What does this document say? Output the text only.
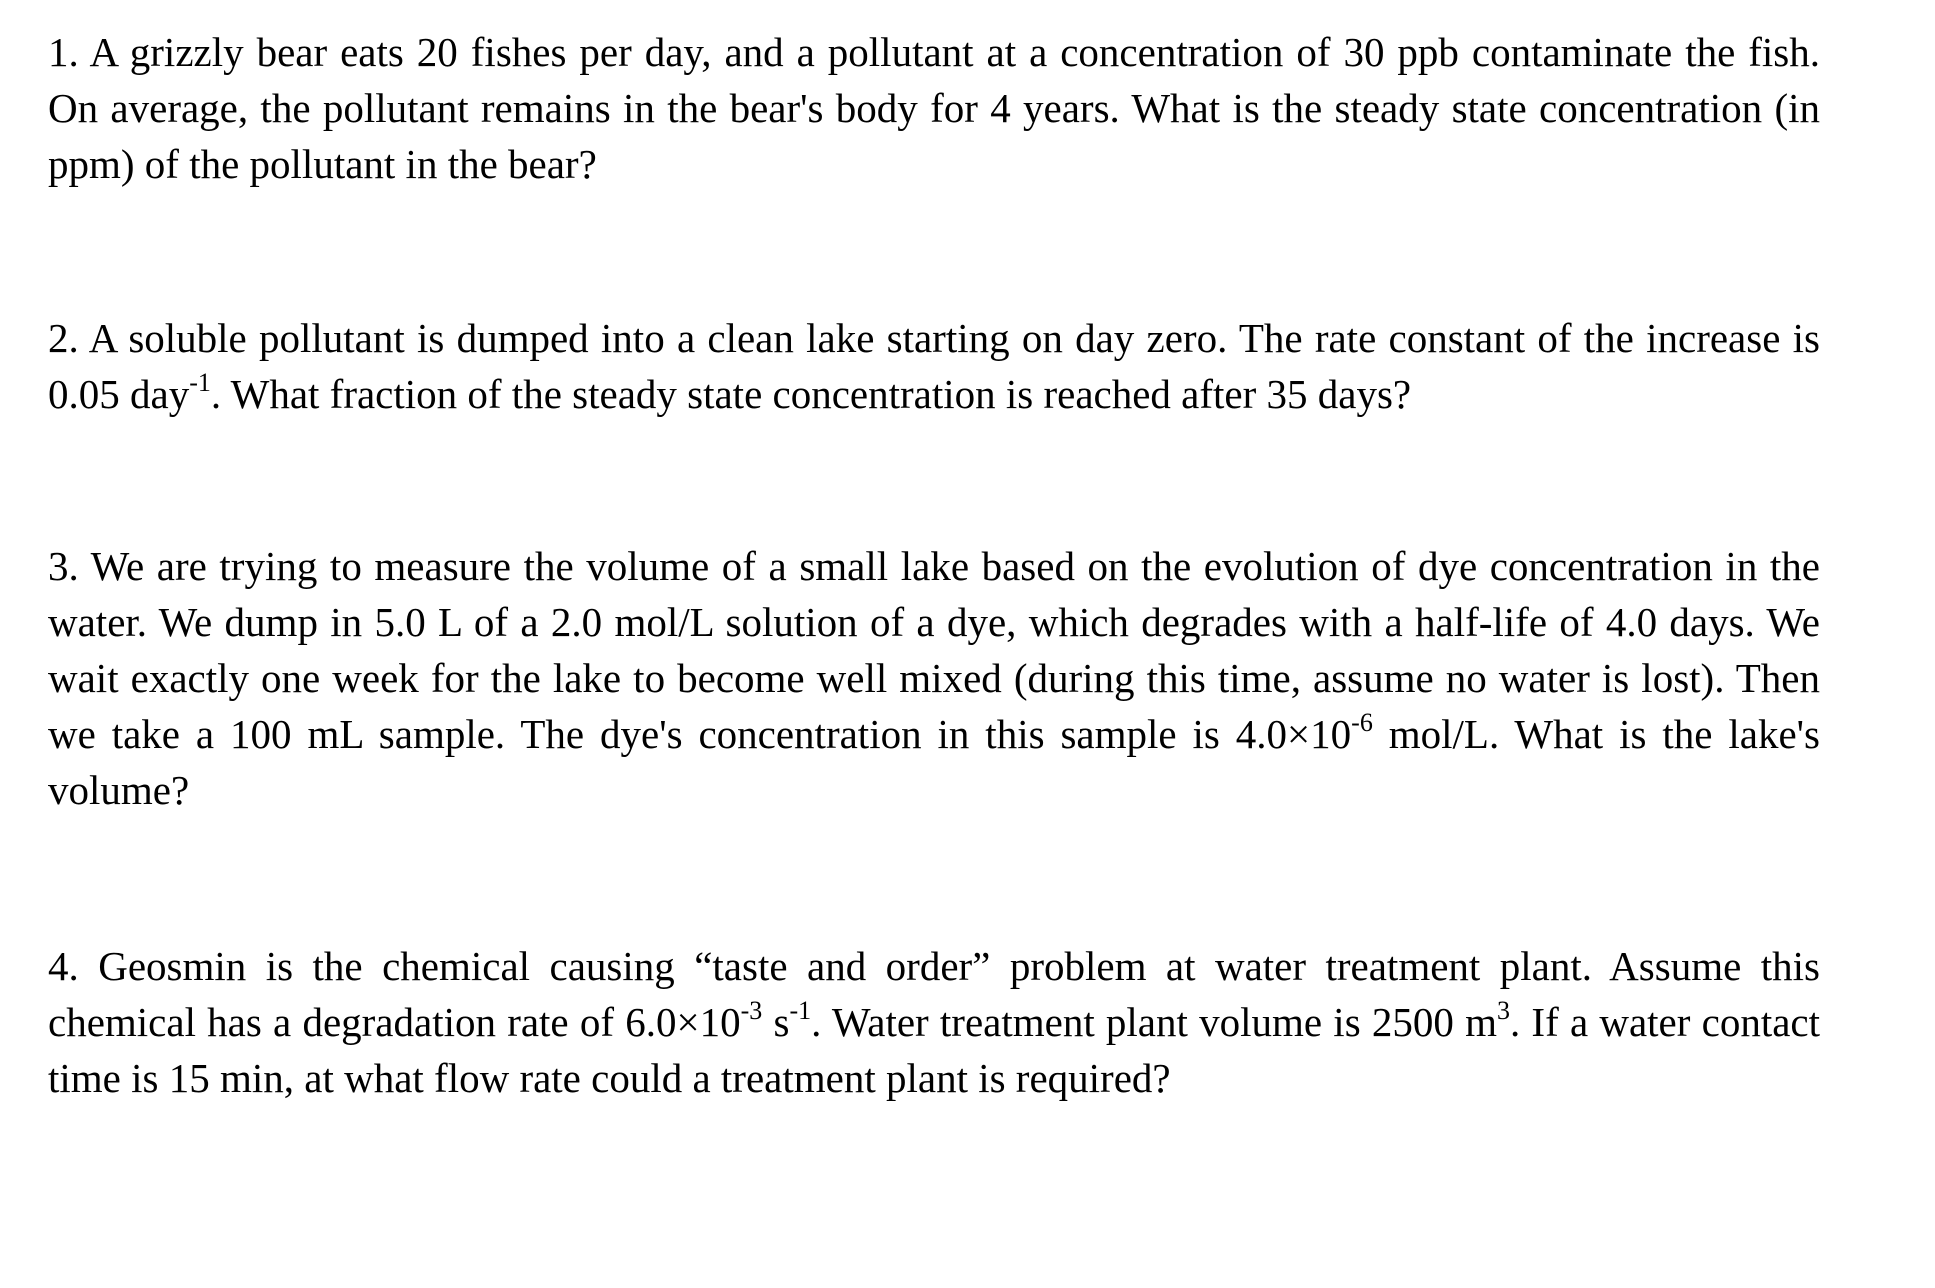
1. A grizzly bear eats 20 fishes per day, and a pollutant at a concentration of 30 ppb contaminate the fish. On average, the pollutant remains in the bear's body for 4 years. What is the steady state concentration (in ppm) of the pollutant in the bear?

2. A soluble pollutant is dumped into a clean lake starting on day zero. The rate constant of the increase is 0.05 day$^{-1}$. What fraction of the steady state concentration is reached after 35 days?

3. We are trying to measure the volume of a small lake based on the evolution of dye concentration in the water. We dump in 5.0 L of a 2.0 mol/L solution of a dye, which degrades with a half-life of 4.0 days. We wait exactly one week for the lake to become well mixed (during this time, assume no water is lost). Then we take a 100 mL sample. The dye's concentration in this sample is $4.0\times 10^{-6}$ mol/L. What is the lake's volume?

4. Geosmin is the chemical causing “taste and order” problem at water treatment plant. Assume this chemical has a degradation rate of $6.0\times 10^{-3}$ $s^{-1}$. Water treatment plant volume is 2500 $m^3$. If a water contact time is 15 min, at what flow rate could a treatment plant is required?
